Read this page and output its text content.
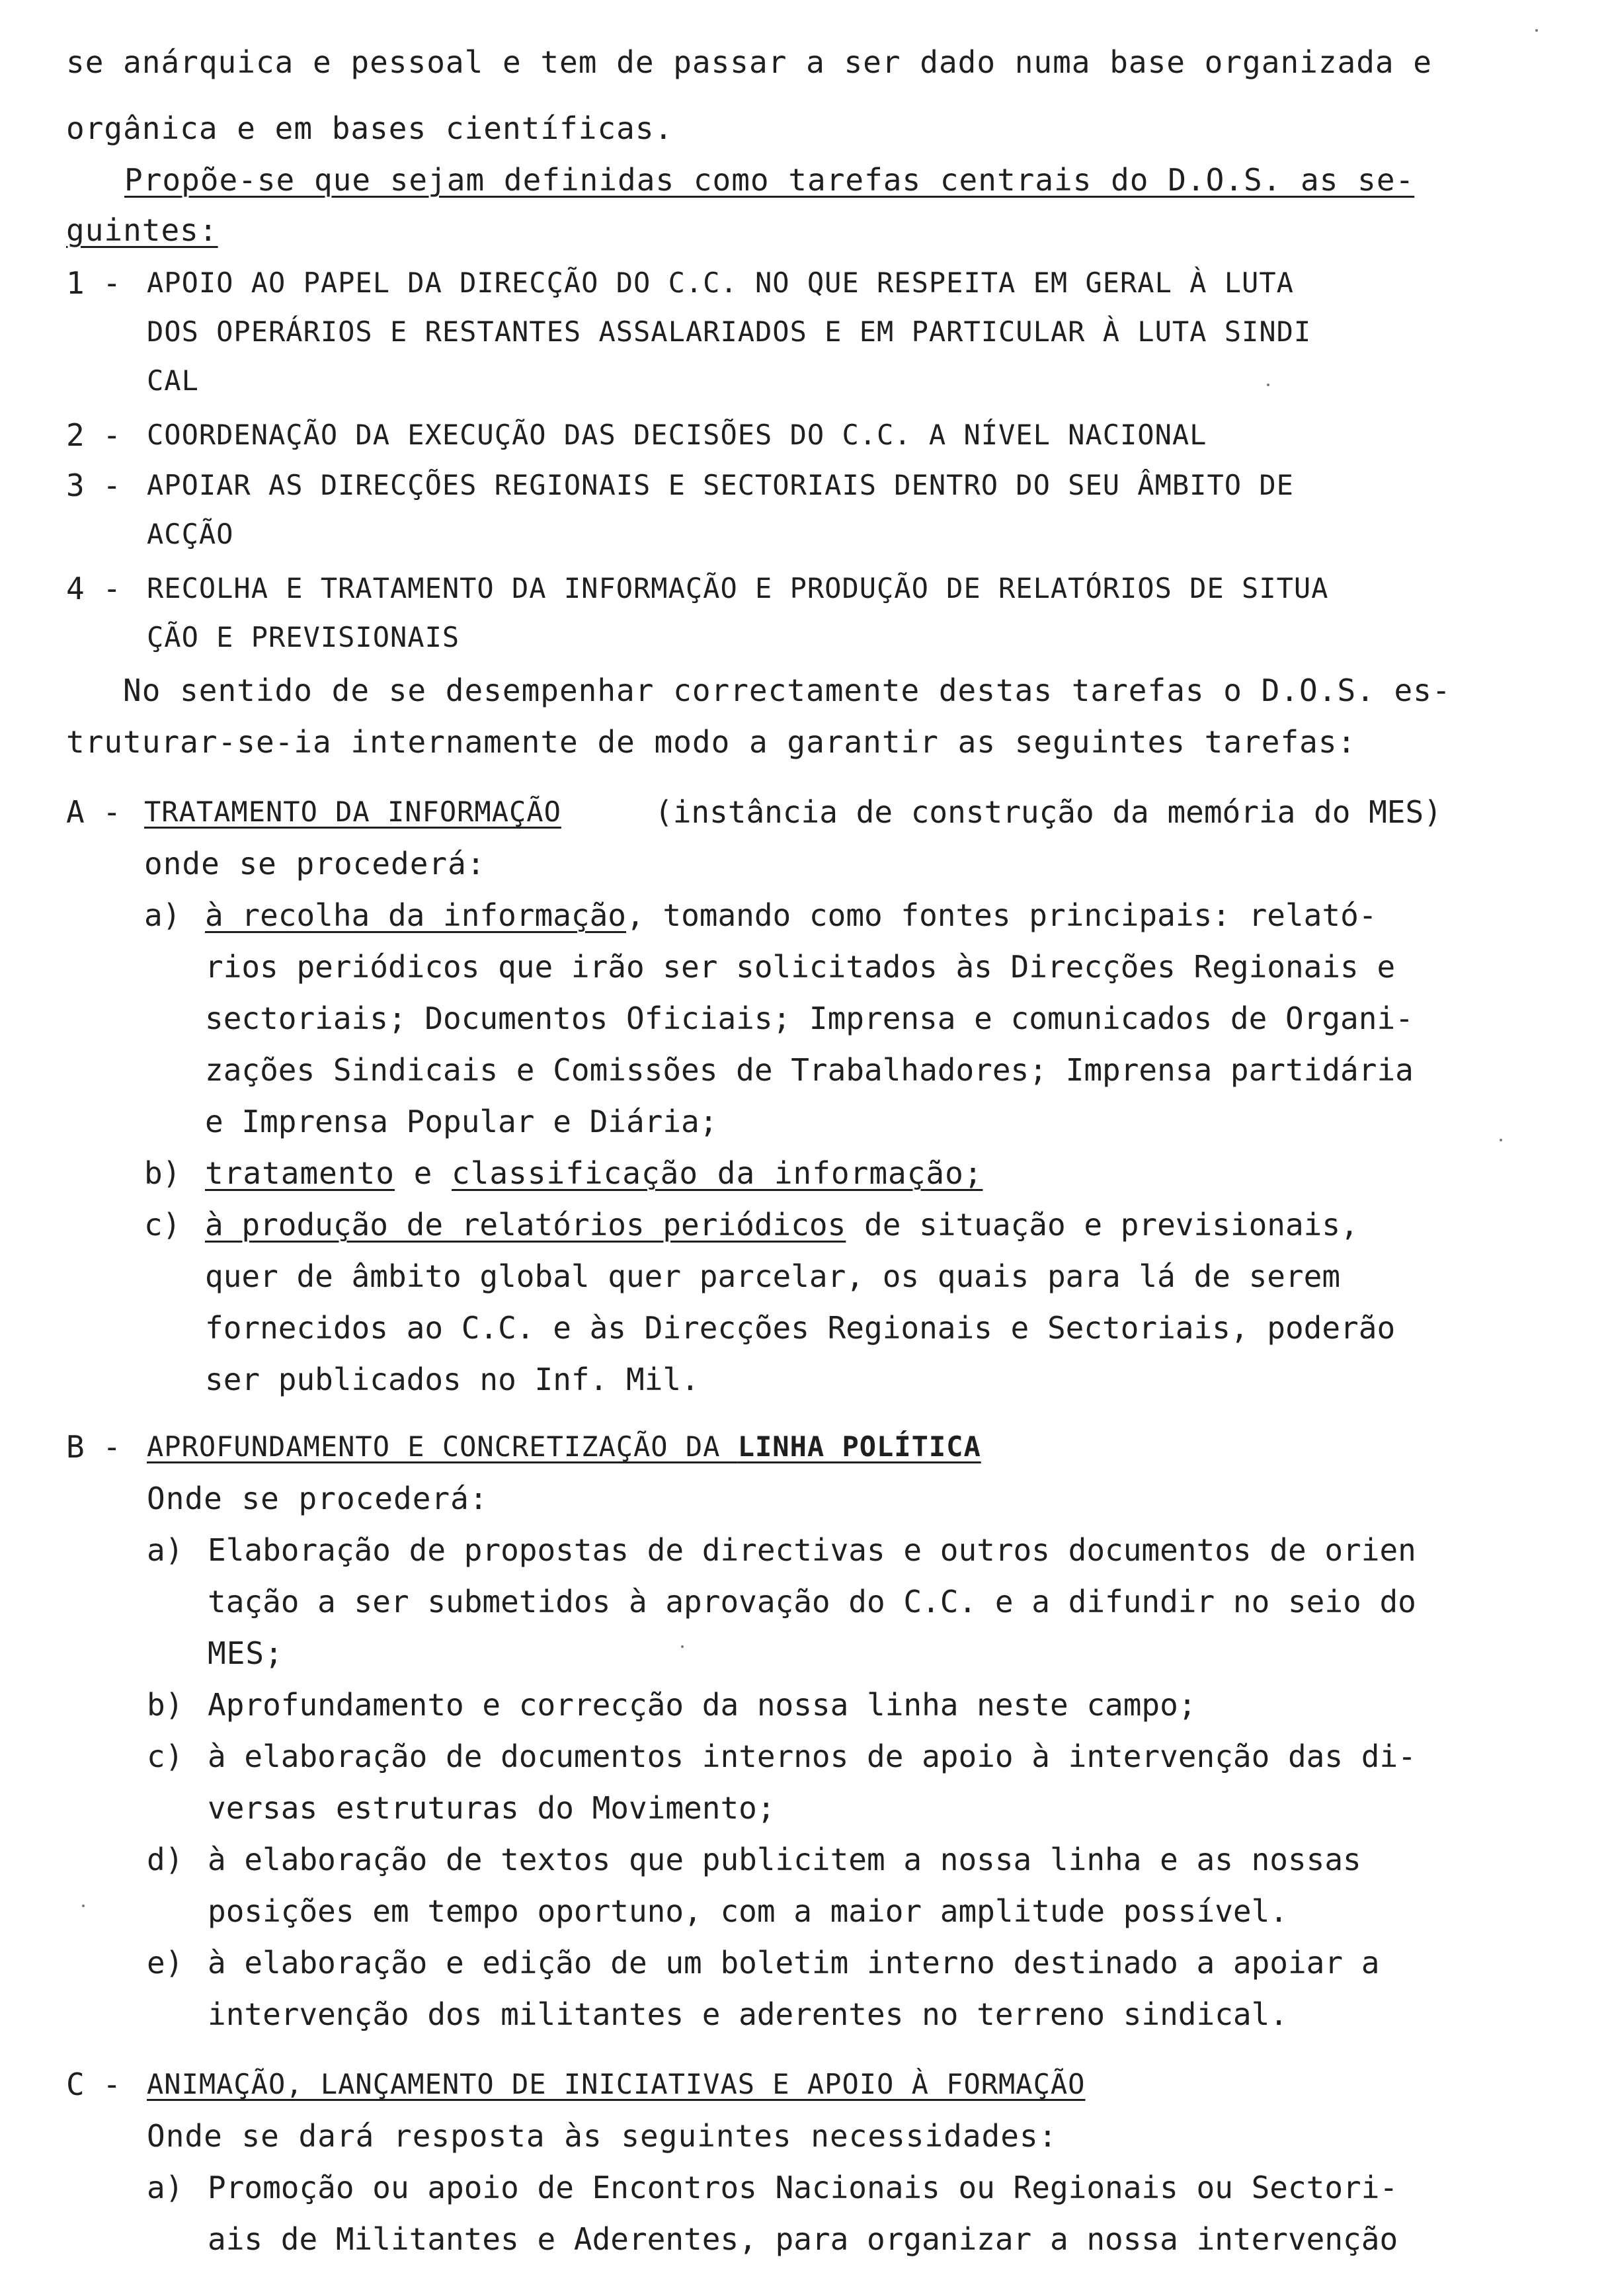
se anárquica e pessoal e tem de passar a ser dado numa base organizada e
orgânica e em bases científicas.
Propõe-se que sejam definidas como tarefas centrais do D.O.S. as se-
guintes:
1 - APOIO AO PAPEL DA DIRECÇÃO DO C.C. NO QUE RESPEITA EM GERAL À LUTA
DOS OPERÁRIOS E RESTANTES ASSALARIADOS E EM PARTICULAR À LUTA SINDI
CAL
2 - COORDENAÇÃO DA EXECUÇÃO DAS DECISÕES DO C.C. A NÍVEL NACIONAL
3 - APOIAR AS DIRECÇÕES REGIONAIS E SECTORIAIS DENTRO DO SEU ÂMBITO DE
ACÇÃO
4 - RECOLHA E TRATAMENTO DA INFORMAÇÃO E PRODUÇÃO DE RELATÓRIOS DE SITUA
ÇÃO E PREVISIONAIS
No sentido de se desempenhar correctamente destas tarefas o D.O.S. es-
truturar-se-ia internamente de modo a garantir as seguintes tarefas:
A - TRATAMENTO DA INFORMAÇÃO	(instância de construção da memória do MES)
onde se procederá:
a) à recolha da informação, tomando como fontes principais: relató-
rios periódicos que irão ser solicitados às Direcções Regionais e
sectoriais; Documentos Oficiais; Imprensa e comunicados de Organi-
zações Sindicais e Comissões de Trabalhadores; Imprensa partidária
e Imprensa Popular e Diária;
b) tratamento e classificação da informação;
c) à produção de relatórios periódicos de situação e previsionais,
quer de âmbito global quer parcelar, os quais para lá de serem
fornecidos ao C.C. e às Direcções Regionais e Sectoriais, poderão
ser publicados no Inf. Mil.
B - APROFUNDAMENTO E CONCRETIZAÇÃO DA LINHA POLÍTICA
Onde se procederá:
a) Elaboração de propostas de directivas e outros documentos de orien
tação a ser submetidos à aprovação do C.C. e a difundir no seio do
MES;
b) Aprofundamento e correcção da nossa linha neste campo;
c) à elaboração de documentos internos de apoio à intervenção das di-
versas estruturas do Movimento;
d) à elaboração de textos que publicitem a nossa linha e as nossas
posições em tempo oportuno, com a maior amplitude possível.
e) à elaboração e edição de um boletim interno destinado a apoiar a
intervenção dos militantes e aderentes no terreno sindical.
C - ANIMAÇÃO, LANÇAMENTO DE INICIATIVAS E APOIO À FORMAÇÃO
Onde se dará resposta às seguintes necessidades:
a) Promoção ou apoio de Encontros Nacionais ou Regionais ou Sectori-
ais de Militantes e Aderentes, para organizar a nossa intervenção
